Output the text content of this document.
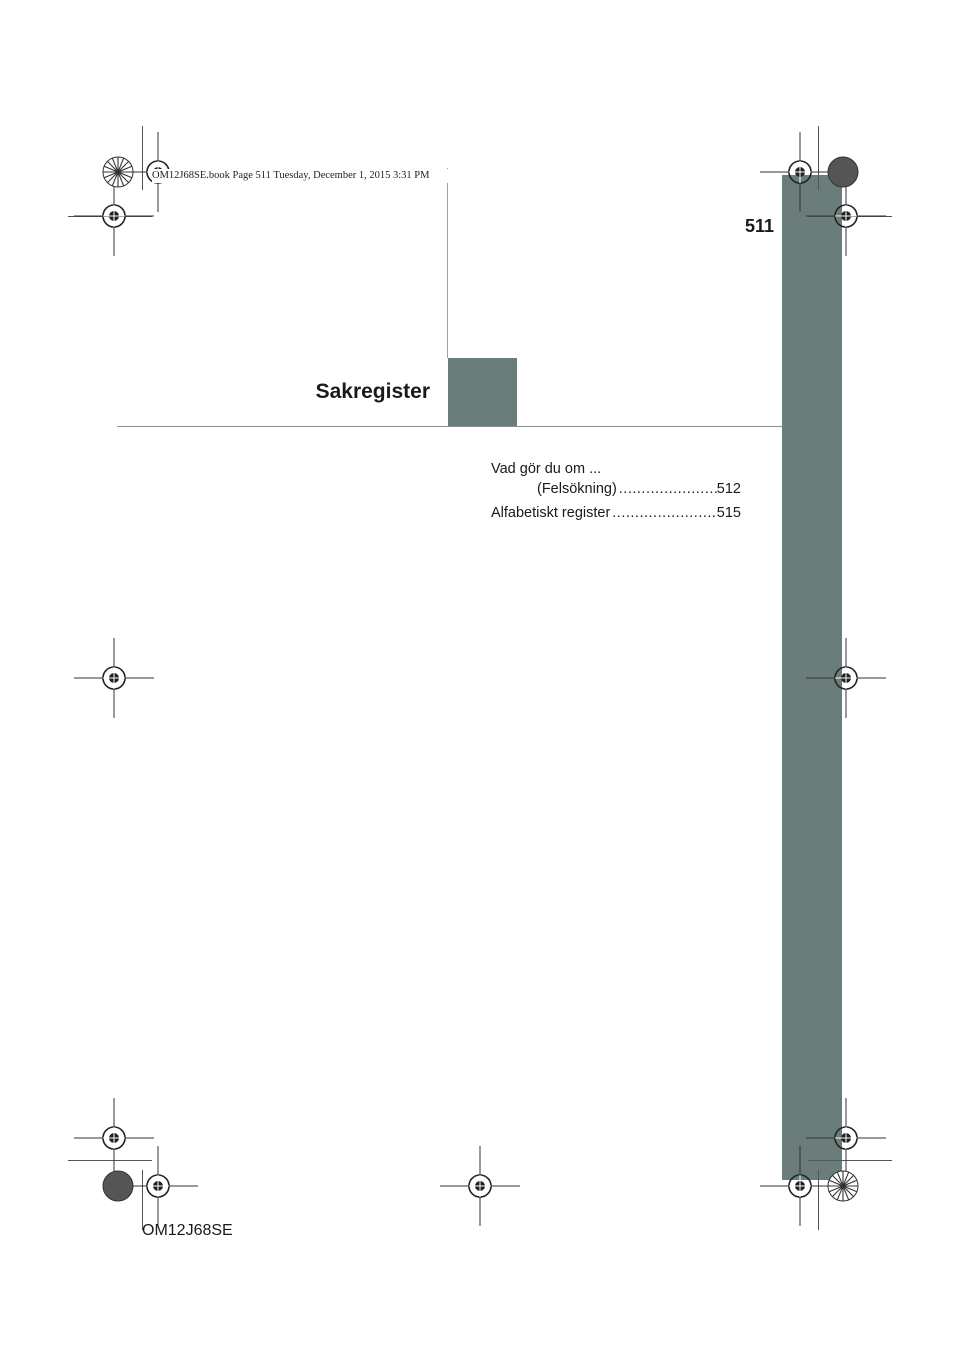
OM12J68SE.book Page 511 Tuesday, December 1, 2015 3:31 PM
511
Sakregister
Vad gör du om ...
(Felsökning) .....	512
Alfabetiskt register .....	515
OM12J68SE
